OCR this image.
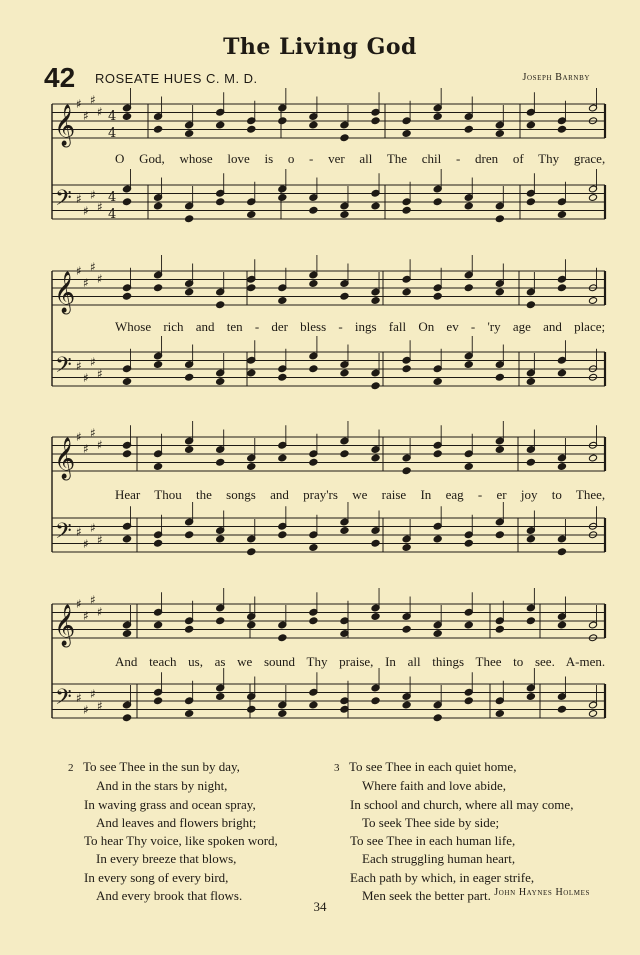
The Living God
42 ROSEATE HUES C. M. D.	Joseph Barnby
𝄞
♯
♯
♯
♯ 4
4
𝄢 ♯
♯
♯
♯
4
4
𝄞
♯
♯
♯
♯
𝄢 ♯
♯
♯
♯
𝄞
♯
♯
♯
♯
𝄢 ♯
♯
♯
♯
𝄞
♯
♯
♯
♯
𝄢 ♯
♯
♯
♯
O God, whose love is o - ver all The chil - dren of Thy grace,
Whose rich and ten - der bless - ings fall On ev - 'ry age and place;
Hear Thou the songs and pray'rs we raise In eag - er joy to Thee,
And teach us, as we sound Thy praise, In all things Thee to see. A-men.
2 To see Thee in the sun by day,
And in the stars by night,
In waving grass and ocean spray,
And leaves and flowers bright;
To hear Thy voice, like spoken word,
In every breeze that blows,
In every song of every bird,
And every brook that flows.
3 To see Thee in each quiet home,
Where faith and love abide,
In school and church, where all may come,
To seek Thee side by side;
To see Thee in each human life,
Each struggling human heart,
Each path by which, in eager strife,
Men seek the better part. John Haynes Holmes
34
